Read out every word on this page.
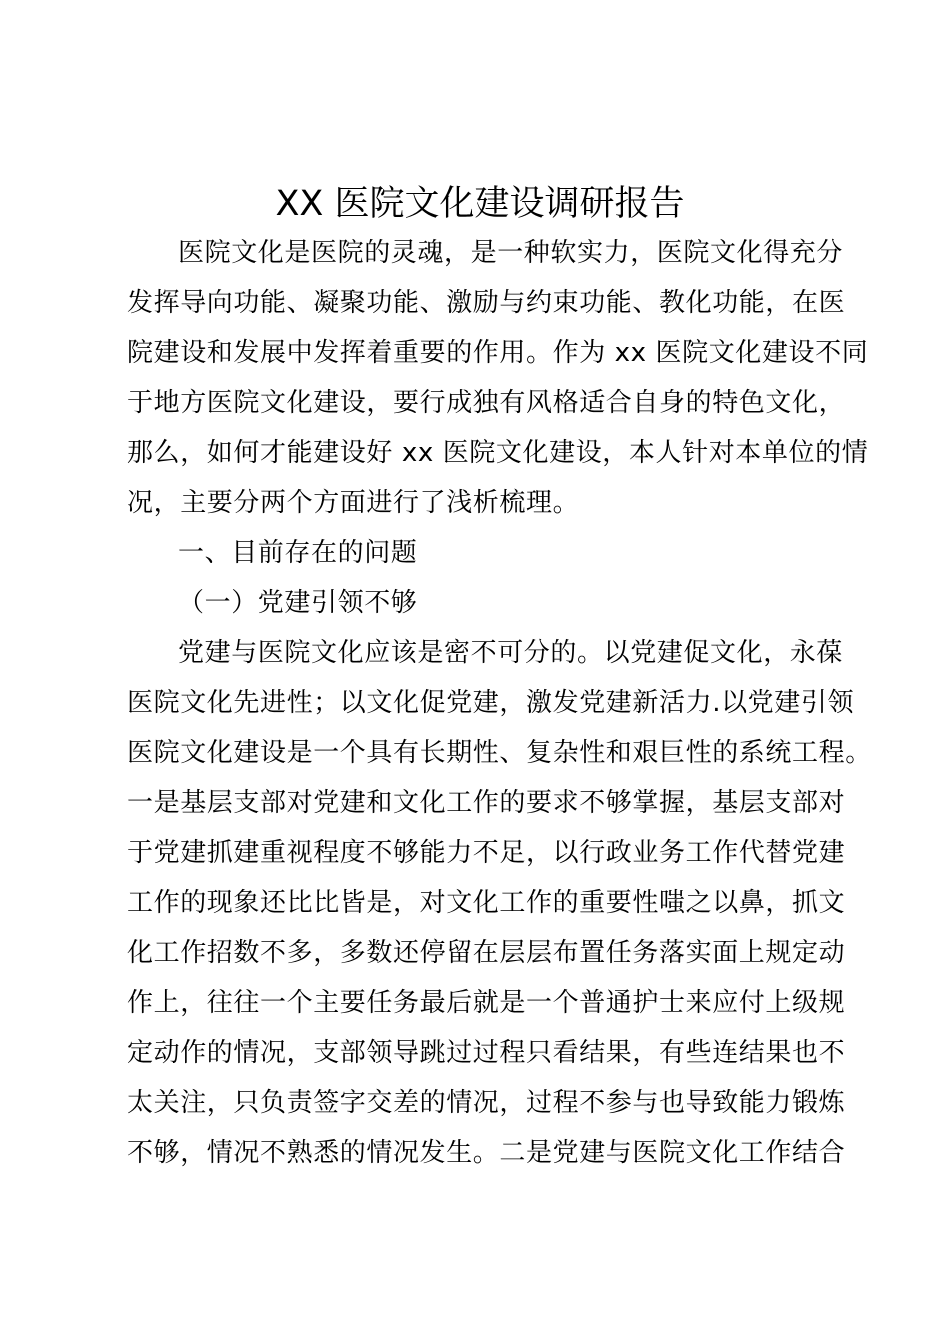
XX 医院文化建设调研报告
医院文化是医院的灵魂，是一种软实力，医院文化得充分
发挥导向功能、凝聚功能、激励与约束功能、教化功能，在医
院建设和发展中发挥着重要的作用。作为 xx 医院文化建设不同
于地方医院文化建设，要行成独有风格适合自身的特色文化，
那么，如何才能建设好 xx 医院文化建设，本人针对本单位的情
况，主要分两个方面进行了浅析梳理。
一、目前存在的问题
（一）党建引领不够
党建与医院文化应该是密不可分的。以党建促文化，永葆
医院文化先进性；以文化促党建，激发党建新活力.以党建引领
医院文化建设是一个具有长期性、复杂性和艰巨性的系统工程。
一是基层支部对党建和文化工作的要求不够掌握，基层支部对
于党建抓建重视程度不够能力不足，以行政业务工作代替党建
工作的现象还比比皆是，对文化工作的重要性嗤之以鼻，抓文
化工作招数不多，多数还停留在层层布置任务落实面上规定动
作上，往往一个主要任务最后就是一个普通护士来应付上级规
定动作的情况，支部领导跳过过程只看结果，有些连结果也不
太关注，只负责签字交差的情况，过程不参与也导致能力锻炼
不够，情况不熟悉的情况发生。二是党建与医院文化工作结合
